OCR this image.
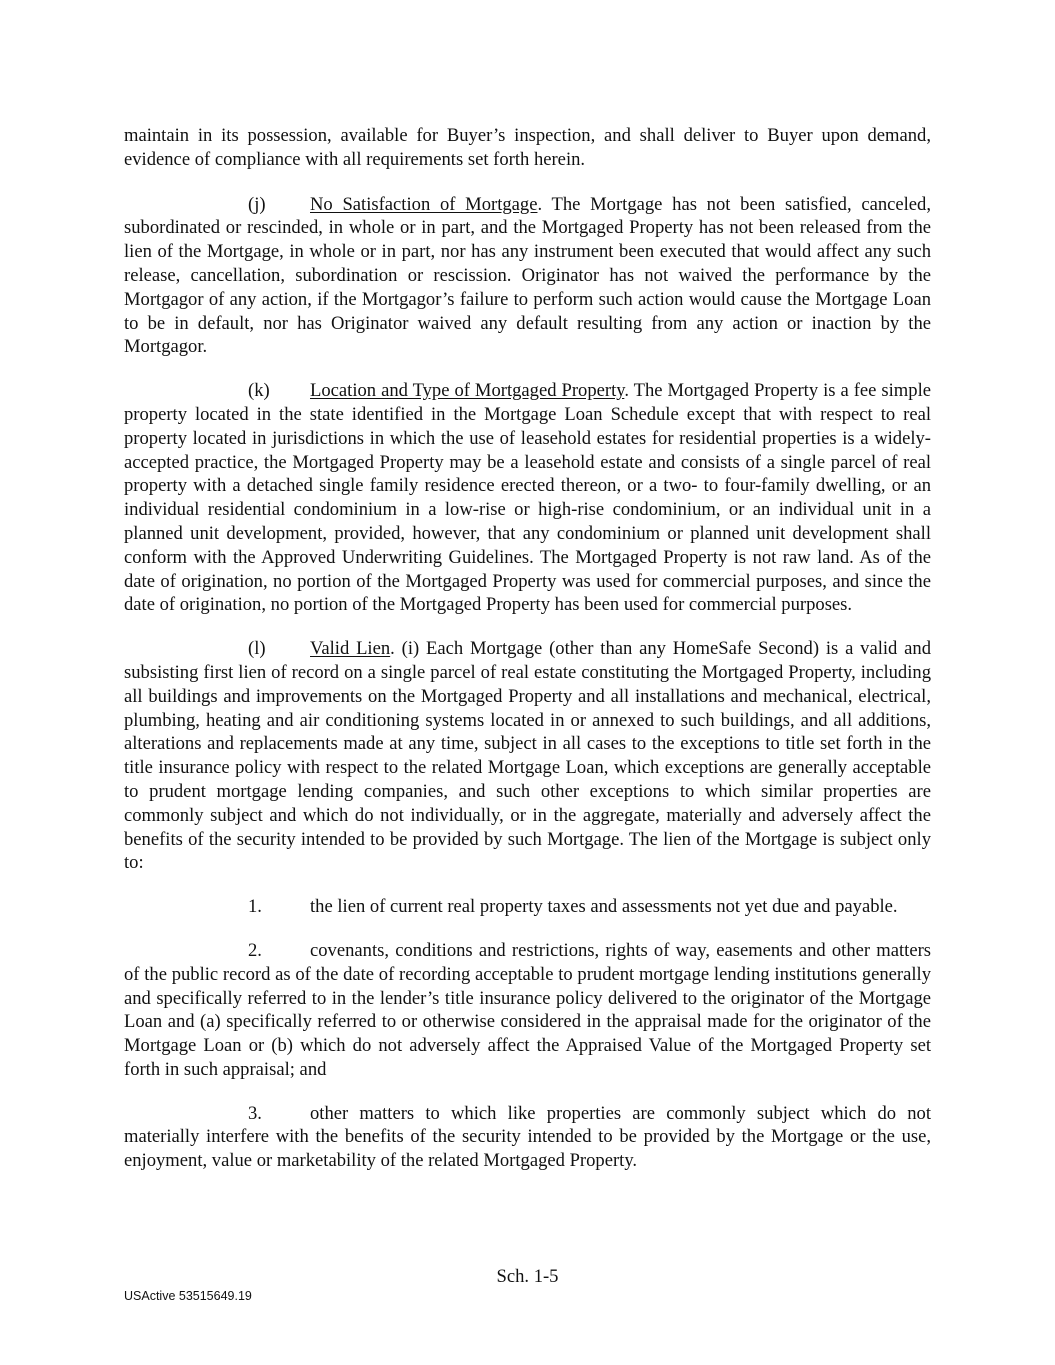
maintain in its possession, available for Buyer’s inspection, and shall deliver to Buyer upon demand, evidence of compliance with all requirements set forth herein.

(j) No Satisfaction of Mortgage. The Mortgage has not been satisfied, canceled, subordinated or rescinded, in whole or in part, and the Mortgaged Property has not been released from the lien of the Mortgage, in whole or in part, nor has any instrument been executed that would affect any such release, cancellation, subordination or rescission. Originator has not waived the performance by the Mortgagor of any action, if the Mortgagor’s failure to perform such action would cause the Mortgage Loan to be in default, nor has Originator waived any default resulting from any action or inaction by the Mortgagor.

(k) Location and Type of Mortgaged Property. The Mortgaged Property is a fee simple property located in the state identified in the Mortgage Loan Schedule except that with respect to real property located in jurisdictions in which the use of leasehold estates for residential properties is a widely-accepted practice, the Mortgaged Property may be a leasehold estate and consists of a single parcel of real property with a detached single family residence erected thereon, or a two- to four-family dwelling, or an individual residential condominium in a low-rise or high-rise condominium, or an individual unit in a planned unit development, provided, however, that any condominium or planned unit development shall conform with the Approved Underwriting Guidelines. The Mortgaged Property is not raw land. As of the date of origination, no portion of the Mortgaged Property was used for commercial purposes, and since the date of origination, no portion of the Mortgaged Property has been used for commercial purposes.

(l) Valid Lien. (i) Each Mortgage (other than any HomeSafe Second) is a valid and subsisting first lien of record on a single parcel of real estate constituting the Mortgaged Property, including all buildings and improvements on the Mortgaged Property and all installations and mechanical, electrical, plumbing, heating and air conditioning systems located in or annexed to such buildings, and all additions, alterations and replacements made at any time, subject in all cases to the exceptions to title set forth in the title insurance policy with respect to the related Mortgage Loan, which exceptions are generally acceptable to prudent mortgage lending companies, and such other exceptions to which similar properties are commonly subject and which do not individually, or in the aggregate, materially and adversely affect the benefits of the security intended to be provided by such Mortgage. The lien of the Mortgage is subject only to:

1.	the lien of current real property taxes and assessments not yet due and payable.

2.	covenants, conditions and restrictions, rights of way, easements and other matters of the public record as of the date of recording acceptable to prudent mortgage lending institutions generally and specifically referred to in the lender’s title insurance policy delivered to the originator of the Mortgage Loan and (a) specifically referred to or otherwise considered in the appraisal made for the originator of the Mortgage Loan or (b) which do not adversely affect the Appraised Value of the Mortgaged Property set forth in such appraisal; and

3.	other matters to which like properties are commonly subject which do not materially interfere with the benefits of the security intended to be provided by the Mortgage or the use, enjoyment, value or marketability of the related Mortgaged Property.

Sch. 1-5
USActive 53515649.19
